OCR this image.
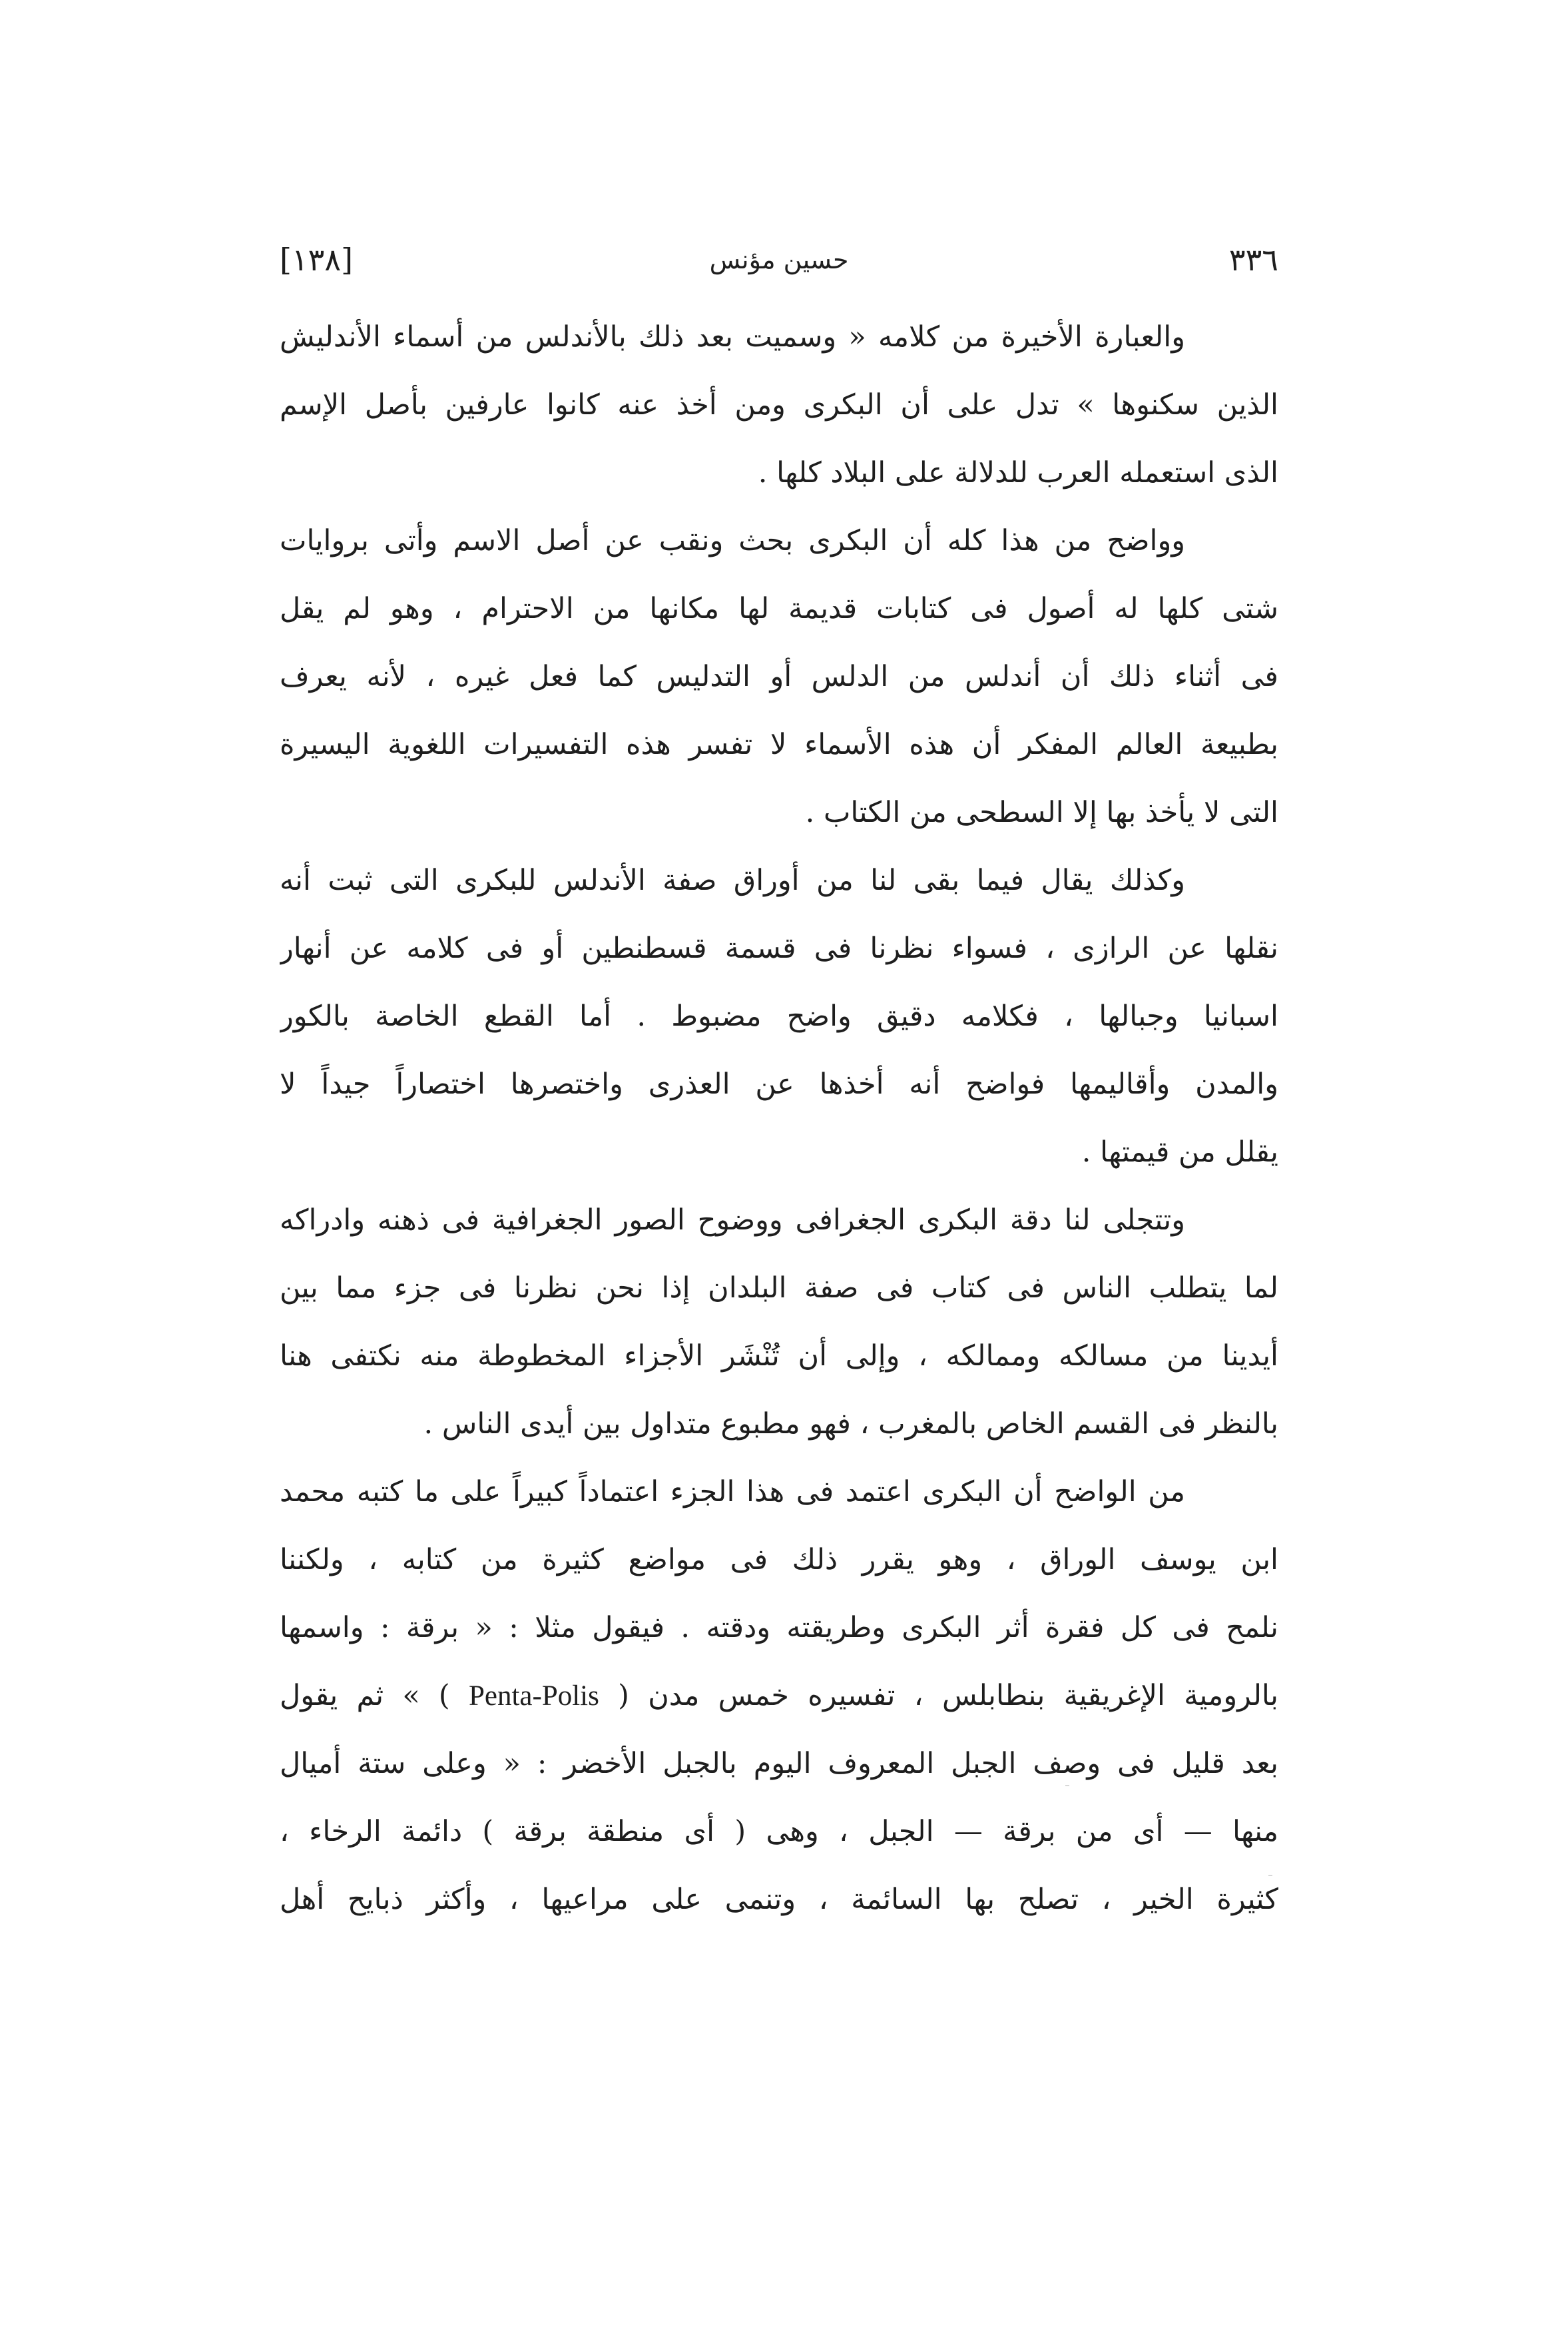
٣٣٦
حسين مؤنس
[١٣٨]

والعبارة الأخيرة من كلامه « وسميت بعد ذلك بالأندلس من أسماء الأندليش
الذين سكنوها » تدل على أن البكرى ومن أخذ عنه كانوا عارفين بأصل الإسم
الذى استعمله العرب للدلالة على البلاد كلها .

وواضح من هذا كله أن البكرى بحث ونقب عن أصل الاسم وأتى بروايات
شتى كلها له أصول فى كتابات قديمة لها مكانها من الاحترام ، وهو لم يقل
فى أثناء ذلك أن أندلس من الدلس أو التدليس كما فعل غيره ، لأنه يعرف
بطبيعة العالم المفكر أن هذه الأسماء لا تفسر هذه التفسيرات اللغوية اليسيرة
التى لا يأخذ بها إلا السطحى من الكتاب .

وكذلك يقال فيما بقى لنا من أوراق صفة الأندلس للبكرى التى ثبت أنه
نقلها عن الرازى ، فسواء نظرنا فى قسمة قسطنطين أو فى كلامه عن أنهار
اسبانيا وجبالها ، فكلامه دقيق واضح مضبوط . أما القطع الخاصة بالكور
والمدن وأقاليمها فواضح أنه أخذها عن العذرى واختصرها اختصاراً جيداً لا
يقلل من قيمتها .

وتتجلى لنا دقة البكرى الجغرافى ووضوح الصور الجغرافية فى ذهنه وادراكه
لما يتطلب الناس فى كتاب فى صفة البلدان إذا نحن نظرنا فى جزء مما بين
أيدينا من مسالكه وممالكه ، وإلى أن تُنْشَر الأجزاء المخطوطة منه نكتفى هنا
بالنظر فى القسم الخاص بالمغرب ، فهو مطبوع متداول بين أيدى الناس .

من الواضح أن البكرى اعتمد فى هذا الجزء اعتماداً كبيراً على ما كتبه محمد
ابن يوسف الوراق ، وهو يقرر ذلك فى مواضع كثيرة من كتابه ، ولكننا
نلمح فى كل فقرة أثر البكرى وطريقته ودقته . فيقول مثلا : « برقة : واسمها
بالرومية الإغريقية بنطابلس ، تفسيره خمس مدن ( Penta-Polis ) » ثم يقول
بعد قليل فى وصف الجبل المعروف اليوم بالجبل الأخضر : « وعلى ستة أميال
منها — أى من برقة — الجبل ، وهى ( أى منطقة برقة ) دائمة الرخاء ،
كثيرة الخير ، تصلح بها السائمة ، وتنمى على مراعيها ، وأكثر ذبايح أهل
